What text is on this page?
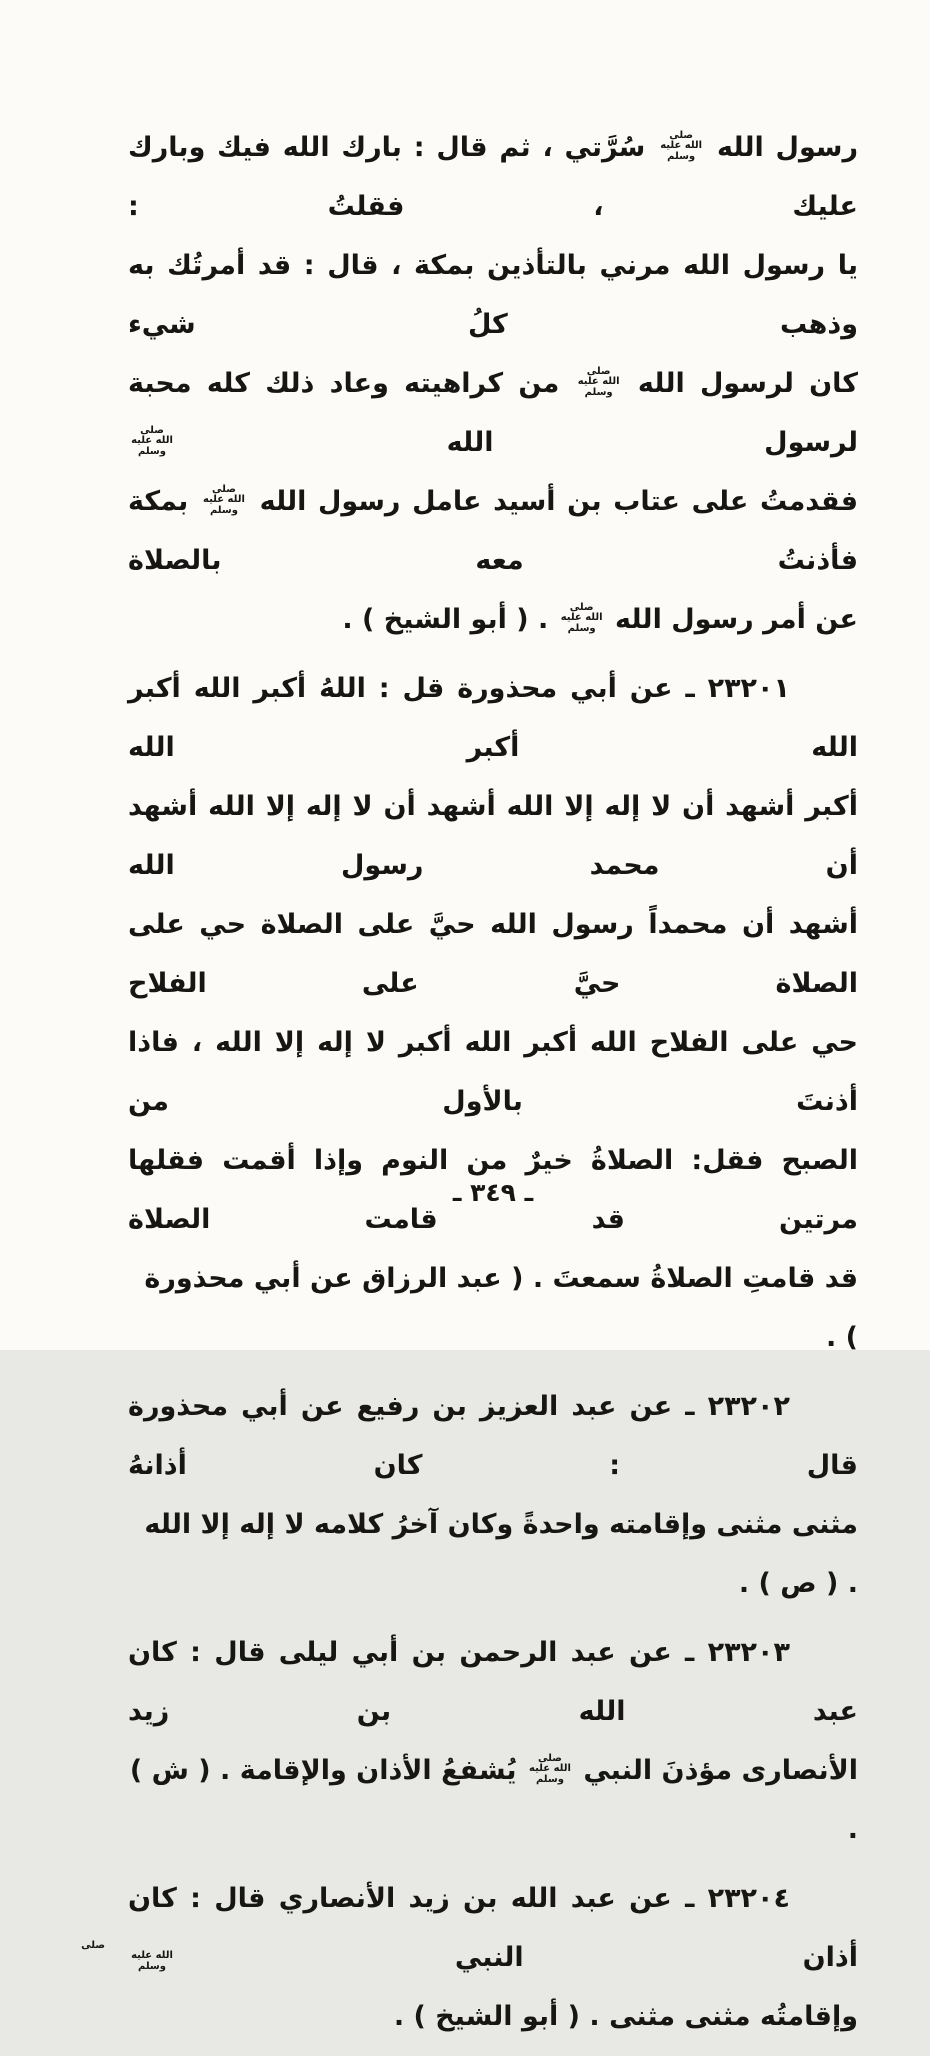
رسول الله صلى الله عليه وسلم سُرَّتي ، ثم قال : بارك الله فيك وبارك عليك ، فقلتُ :
يا رسول الله مرني بالتأذين بمكة ، قال : قد أمرتُك به وذهب كلُ شيء
كان لرسول الله صلى الله عليه وسلم من كراهيته وعاد ذلك كله محبة لرسول الله صلى الله عليه وسلم
فقدمتُ على عتاب بن أسيد عامل رسول الله صلى الله عليه وسلم بمكة فأذنتُ معه بالصلاة
عن أمر رسول الله صلى الله عليه وسلم . ( أبو الشيخ ) .
٢٣٢٠١ ـ عن أبي محذورة قل : اللهُ أكبر الله أكبر الله أكبر الله
أكبر أشهد أن لا إله إلا الله أشهد أن لا إله إلا الله أشهد أن محمد رسول الله
أشهد أن محمداً رسول الله حيَّ على الصلاة حي على الصلاة حيَّ على الفلاح
حي على الفلاح الله أكبر الله أكبر لا إله إلا الله ، فاذا أذنتَ بالأول من
الصبح فقل: الصلاةُ خيرٌ من النوم وإذا أقمت فقلها مرتين قد قامت الصلاة
قد قامتِ الصلاةُ سمعتَ . ( عبد الرزاق عن أبي محذورة ) .
٢٣٢٠٢ ـ عن عبد العزيز بن رفيع عن أبي محذورة قال : كان أذانهُ
مثنى مثنى وإقامته واحدةً وكان آخرُ كلامه لا إله إلا الله . ( ص ) .
٢٣٢٠٣ ـ عن عبد الرحمن بن أبي ليلى قال : كان عبد الله بن زيد
الأنصارى مؤذنَ النبي صلى الله عليه وسلم يُشفعُ الأذان والإقامة . ( ش ) .
٢٣٢٠٤ ـ عن عبد الله بن زيد الأنصاري قال : كان أذان النبي صلى الله عليه وسلم
وإقامتُه مثنى مثنى . ( أبو الشيخ ) .
ـ ٣٤٩ ـ
